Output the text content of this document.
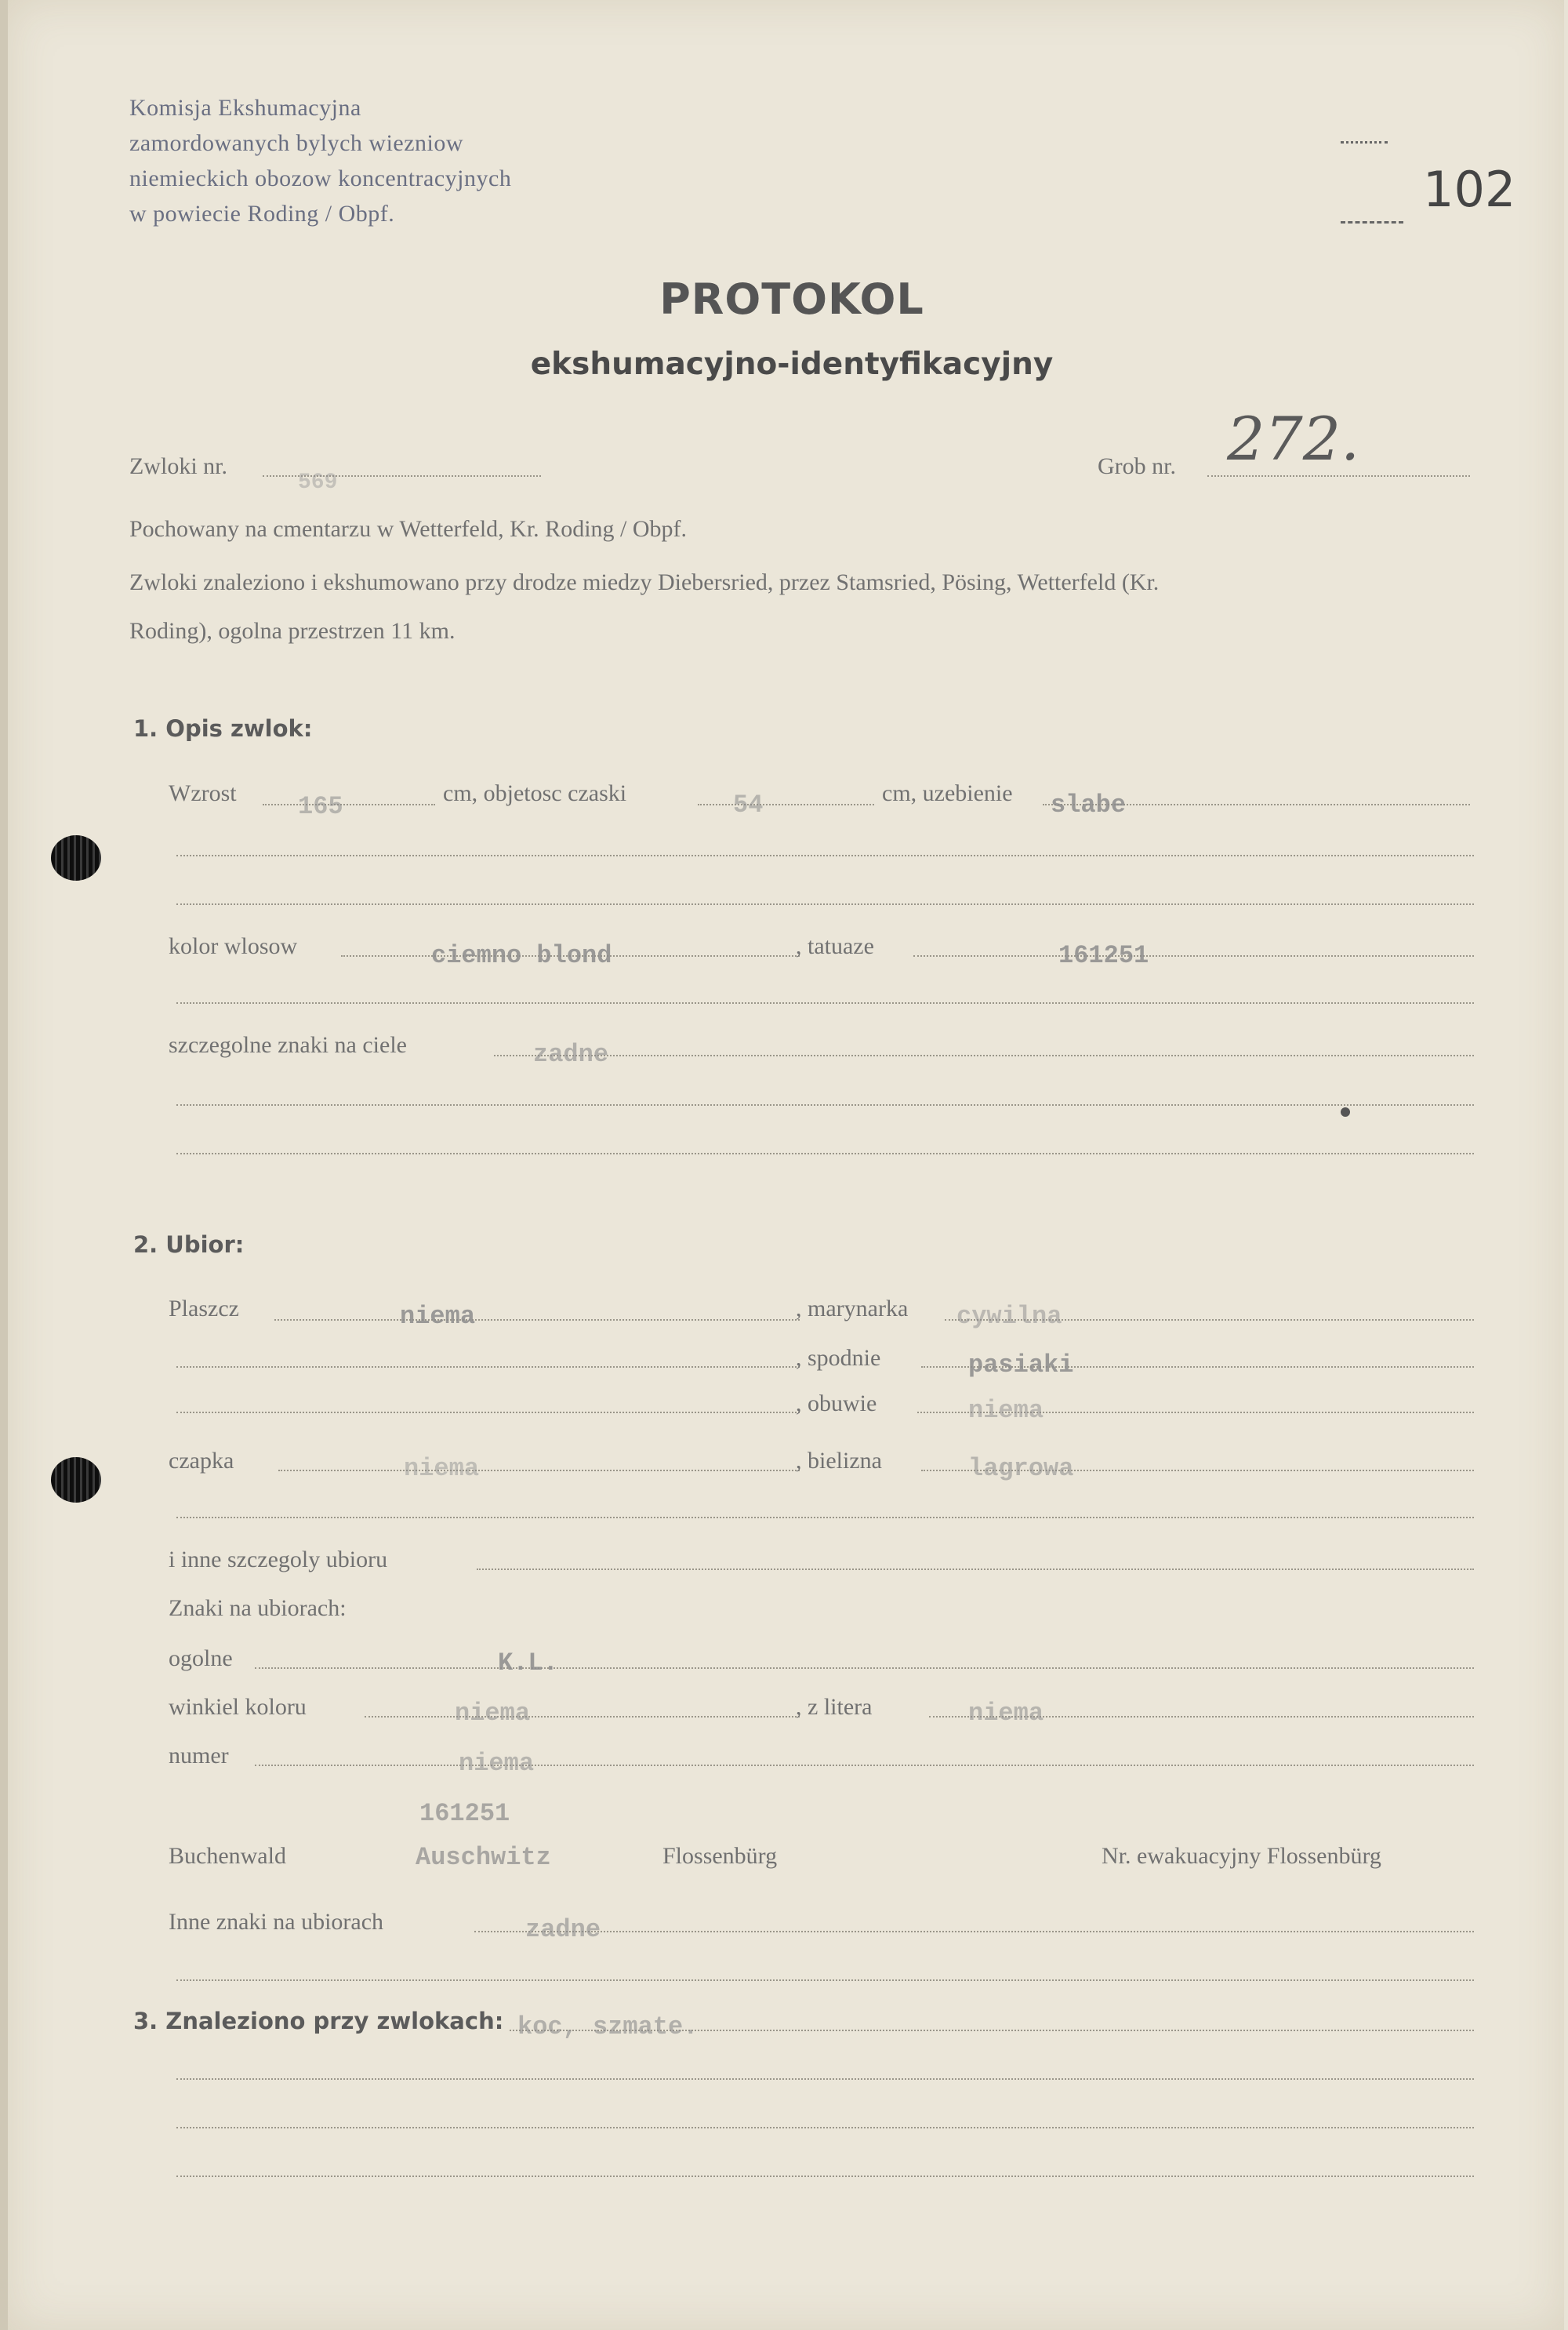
Komisja Ekshumacyjna
zamordowanych bylych wiezniow
niemieckich obozow koncentracyjnych
w powiecie Roding / Obpf.	102
PROTOKOL
ekshumacyjno-identyfikacyjny
Zwloki nr.
569
Grob nr. 272.
Pochowany na cmentarzu w Wetterfeld, Kr. Roding / Obpf.
Zwloki znaleziono i ekshumowano przy drodze miedzy Diebersried, przez Stamsried, Pösing, Wetterfeld (Kr.
Roding), ogolna przestrzen 11 km.
1. Opis zwlok:
Wzrost 165	cm, objetosc czaski	54	cm, uzebienie slabe
kolor wlosow	ciemno blond	, tatuaze	161251
szczegolne znaki na ciele	zadne
2. Ubior:
Plaszcz	niema	, marynarka cywilna
, spodnie	pasiaki
, obuwie	niema
czapka	niema	, bielizna	lagrowa
i inne szczegoly ubioru
Znaki na ubiorach:
ogolne	K.L.
winkiel koloru	niema	, z litera	niema
numer	niema
161251
Buchenwald	Auschwitz	Flossenbürg	Nr. ewakuacyjny Flossenbürg
Inne znaki na ubiorach	zadne
3. Znaleziono przy zwlokach: koc, szmate.
